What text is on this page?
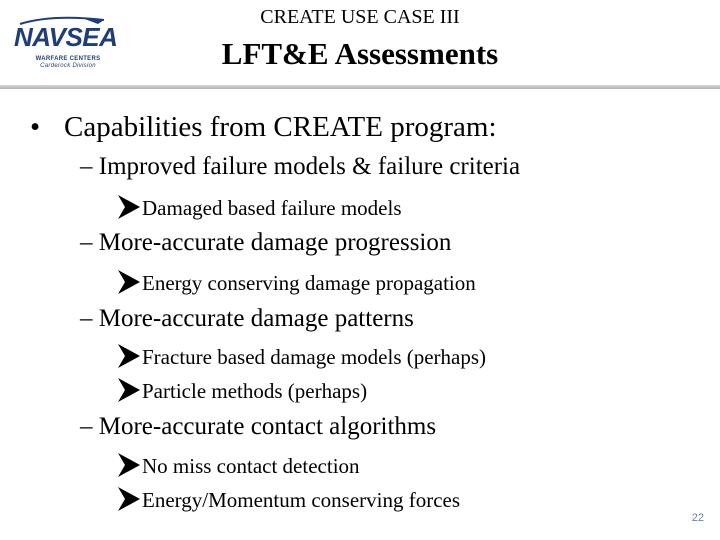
NAVSEA
WARFARE CENTERS
Carderock Division
CREATE USE CASE III
LFT&E Assessments
• Capabilities from CREATE program:
– Improved failure models & failure criteria
Damaged based failure models
– More-accurate damage progression
Energy conserving damage propagation
– More-accurate damage patterns
Fracture based damage models (perhaps)
Particle methods (perhaps)
– More-accurate contact algorithms
No miss contact detection
Energy/Momentum conserving forces
22
